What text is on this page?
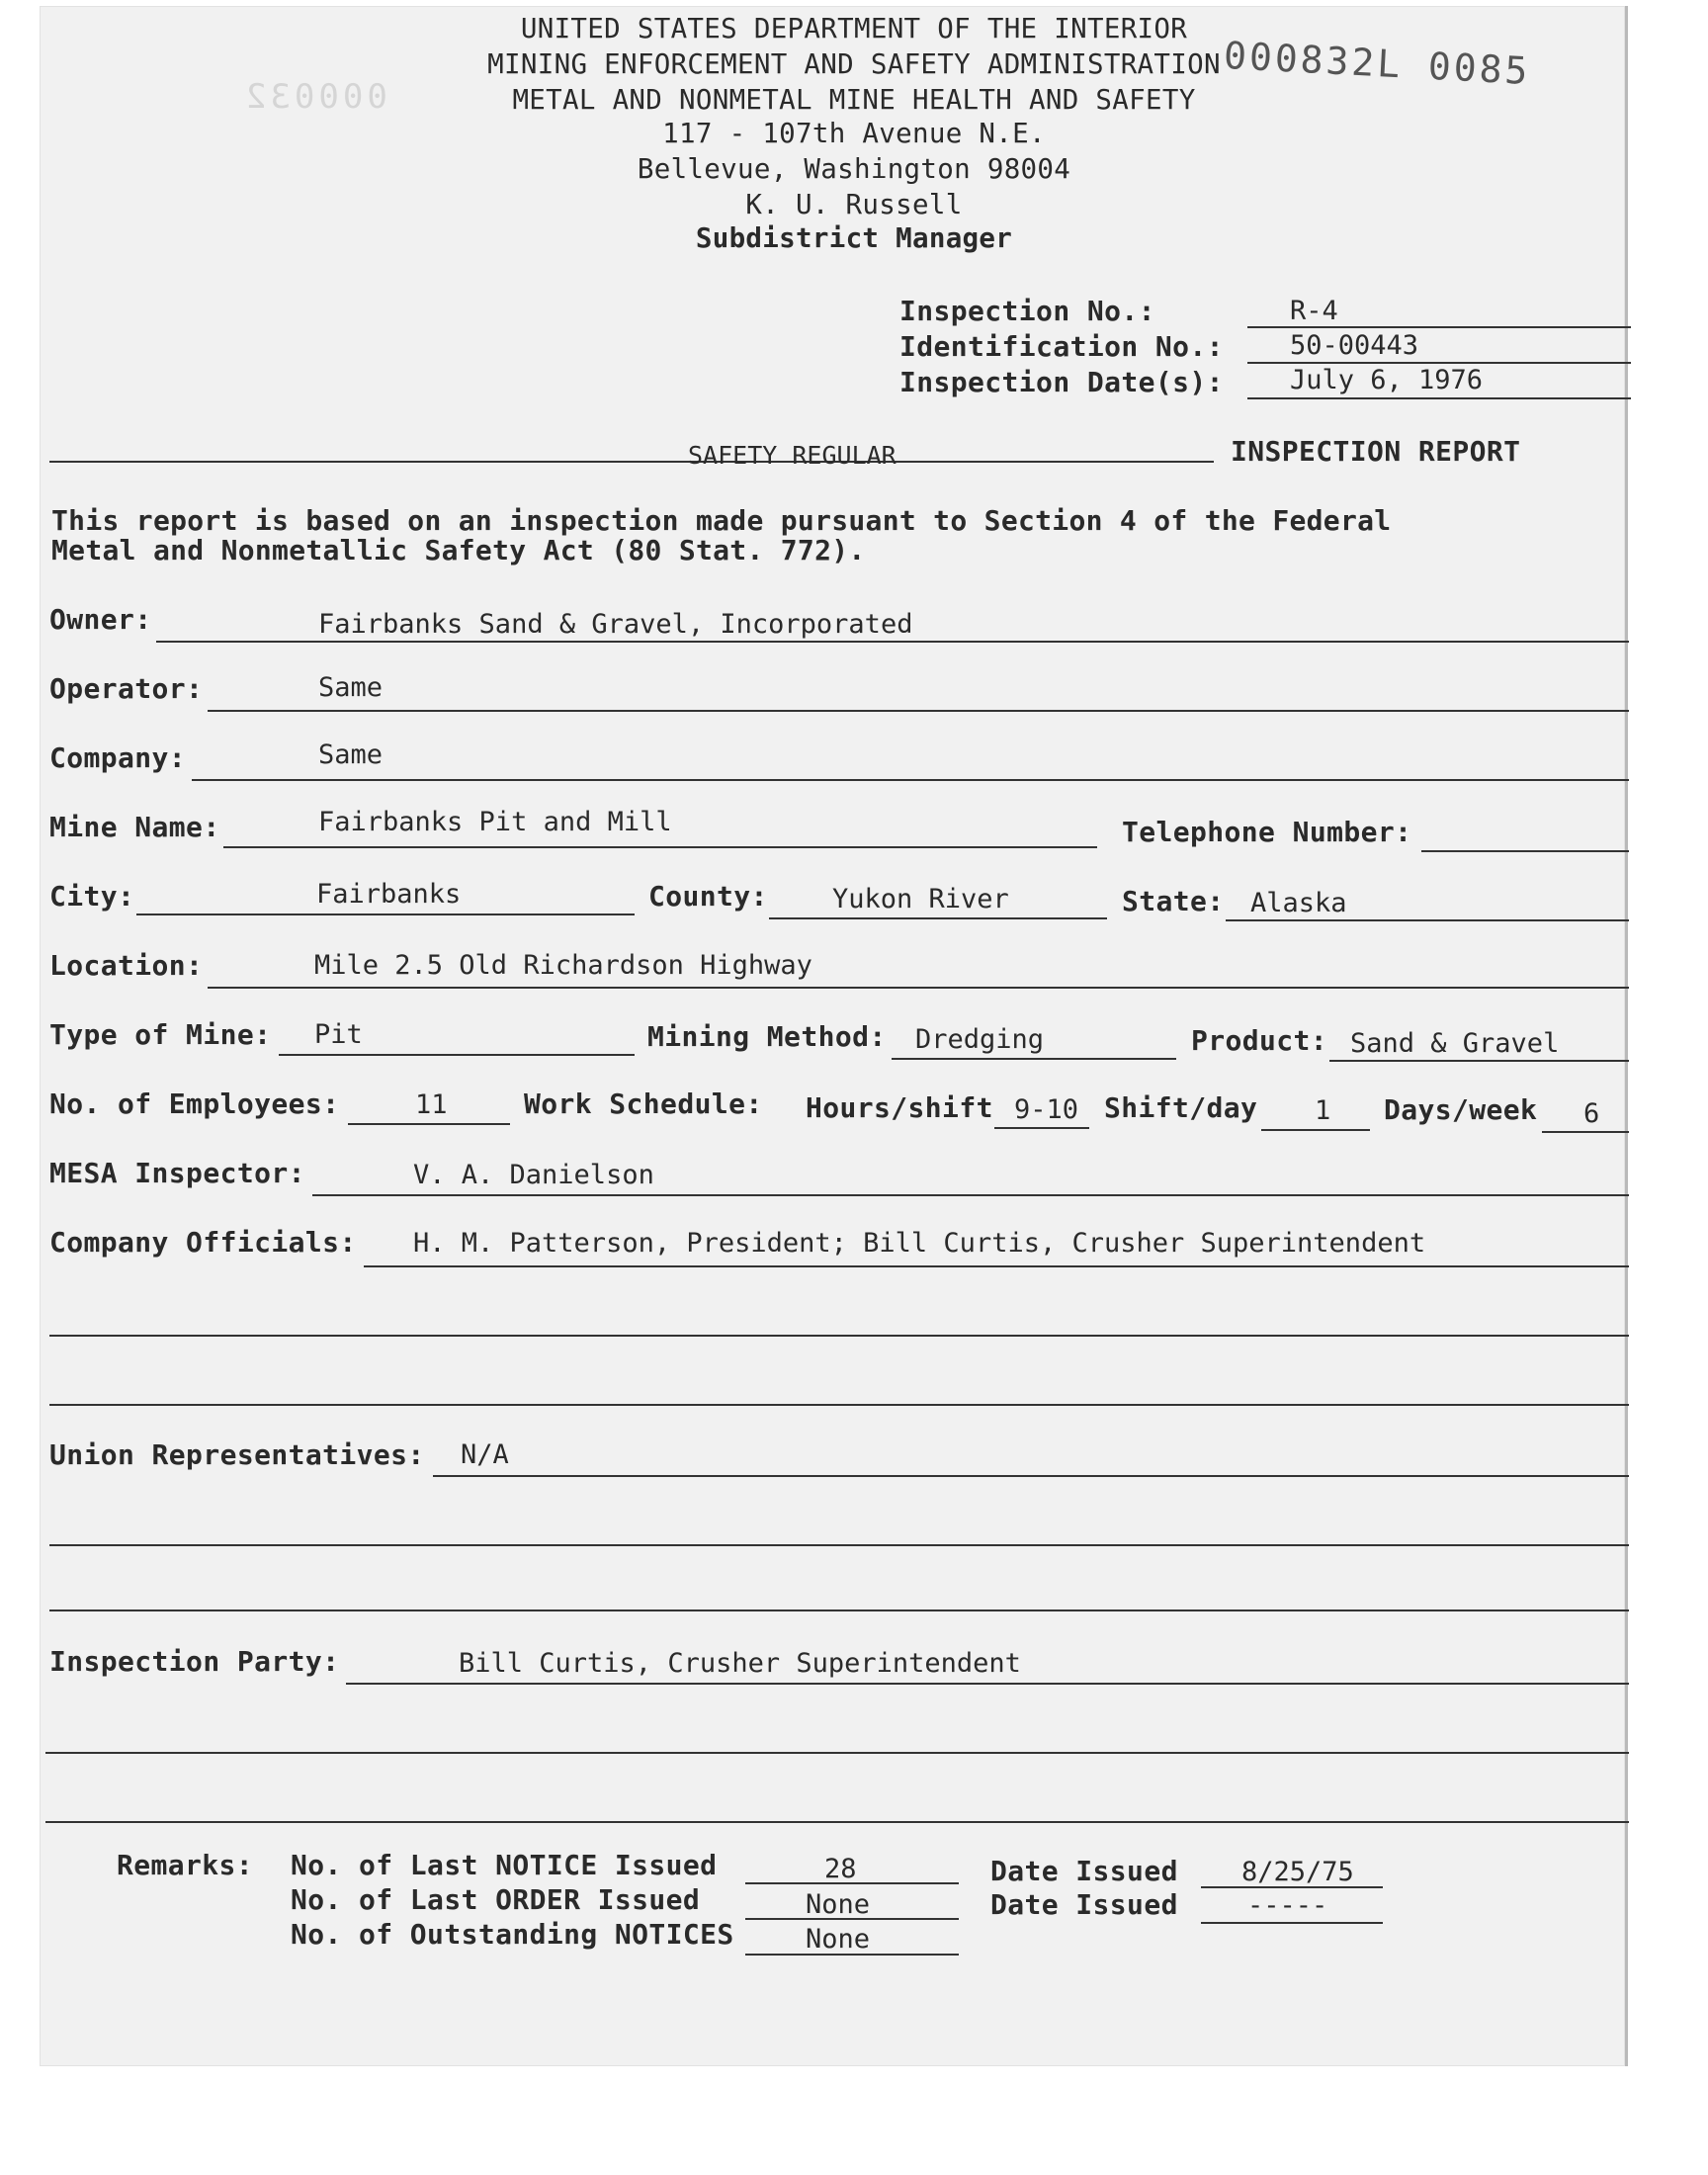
000032
000832L 0085
UNITED STATES DEPARTMENT OF THE INTERIOR
MINING ENFORCEMENT AND SAFETY ADMINISTRATION
METAL AND NONMETAL MINE HEALTH AND SAFETY
117 - 107th Avenue N.E.
Bellevue, Washington 98004
K. U. Russell
Subdistrict Manager
Inspection No.:	R-4
Identification No.: 50-00443
Inspection Date(s): July 6, 1976
SAFETY REGULAR	INSPECTION REPORT
This report is based on an inspection made pursuant to Section 4 of the Federal
Metal and Nonmetallic Safety Act (80 Stat. 772).
Owner:	Fairbanks Sand & Gravel, Incorporated
Operator:	Same
Company:	Same
Mine Name:	Fairbanks Pit and Mill	Telephone Number:
City:	Fairbanks	County: Yukon River	State: Alaska
Location:	Mile 2.5 Old Richardson Highway
Type of Mine: Pit	Mining Method: Dredging	Product: Sand & Gravel
No. of Employees:	11	Work Schedule: Hours/shift 9-10 Shift/day 1 Days/week 6
MESA Inspector:	V. A. Danielson
Company Officials: H. M. Patterson, President; Bill Curtis, Crusher Superintendent
Union Representatives: N/A
Inspection Party:	Bill Curtis, Crusher Superintendent
Remarks: No. of Last NOTICE Issued	28	Date Issued 8/25/75
No. of Last ORDER Issued	None	Date Issued	-----
No. of Outstanding NOTICES	None
